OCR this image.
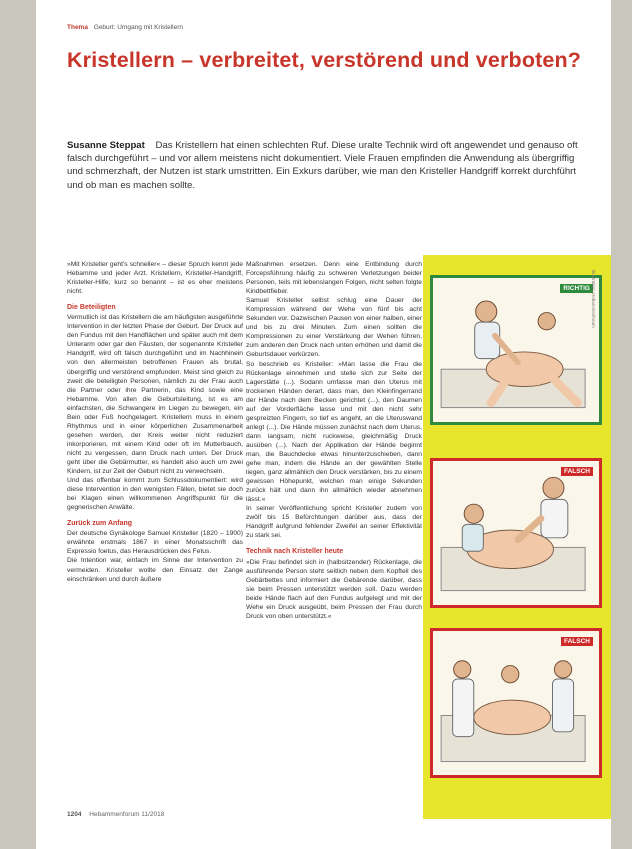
Thema Geburt: Umgang mit Kristellern
Kristellern – verbreitet, verstörend und verboten?
Susanne Steppat Das Kristellern hat einen schlechten Ruf. Diese uralte Technik wird oft angewendet und genauso oft falsch durchgeführt – und vor allem meistens nicht dokumentiert. Viele Frauen empfinden die Anwendung als übergriffig und schmerzhaft, der Nutzen ist stark umstritten. Ein Exkurs darüber, wie man den Kristeller Handgriff korrekt durchführt und ob man es machen sollte.

»Mit Kristeller geht's schneller« – dieser Spruch kennt jede Hebamme und jeder Arzt. Kristellern, Kristeller-Handgriff, Kristeller-Hilfe, kurz so benannt – ist es eher meistens nicht.

Die Beteiligten

Vermutlich ist das Kristellern die am häufigsten ausgeführte Intervention in der letzten Phase der Geburt. Der Druck auf den Fundus mit den Handflächen und später auch mit dem Unterarm oder gar den Fäusten, der sogenannte Kristeller Handgriff, wird oft falsch durchgeführt und im Nachhinein von den allermeisten betroffenen Frauen als brutal, übergriffig und verstörend empfunden. Meist sind gleich zu zweit die beteiligten Personen, nämlich zu der Frau auch die Partner oder ihre Partnerin, das Kind sowie eine Hebamme. Von allen die Geburtsleitung, ist es am einfachsten, die Schwangere im Liegen zu bewegen, ein Bein oder Fuß hochgelagert. Kristellern muss in einem Rhythmus und in einer körperlichen Zusammenarbeit gesehen werden, der Kreis weiter nicht reduziert inkorporieren, mit einem Kind oder oft im Mutterbauch, nicht zu vergessen, dann Druck nach unten. Der Druck geht über die Gebärmutter, es handelt also auch um zwei Kindern, ist zur Zeit der Geburt nicht zu verwechseln.

Und das offenbar kommt zum Schlussdokumentiert: wird diese Intervention in den wenigsten Fällen, bietet sie doch bei Klagen einen willkommenen Angriffspunkt für die gegnerischen Anwälte.

Zurück zum Anfang

Der deutsche Gynäkologe Samuel Kristeller (1820 – 1900) erwähnte erstmals 1867 in einer Monatsschrift das Expressio foetus, das Herausdrücken des Fetus.

Die Intention war, einfach im Sinne der Intervention zu vermeiden. Kristeller wollte den Einsatz der Zange einschränken und durch äußere

Maßnahmen ersetzen. Denn eine Entbindung durch Forcepsführung häufig zu schweren Verletzungen beider Personen, teils mit lebenslangen Folgen, nicht selten folgte Kindbettfieber.

Samuel Kristeller selbst schlug eine Dauer der Kompression während der Wehe von fünf bis acht Sekunden vor. Dazwischen Pausen von einer halben, einer und bis zu drei Minuten. Zum einen sollten die Kompressionen zu einer Verstärkung der Wehen führen, zum anderen den Druck nach unten erhöhen und damit die Geburtsdauer verkürzen.

So beschrieb es Kristeller: »Man lasse die Frau die Rückenlage einnehmen und stelle sich zur Seite der Lagerstätte (...). Sodann umfasse man den Uterus mit trockenen Händen derart, dass man, den Kleinfingerrand der Hände nach dem Becken gerichtet (...), den Daumen auf der Vorderfläche lasse und mit den nicht sehr gespreizten Fingern, so tief es angeht, an die Uteruswand anlegt (...). Die Hände müssen zunächst nach dem Uterus, dann langsam, nicht ruckweise, gleichmäßig Druck ausüben (...). Nach der Applikation der Hände beginnt man, die Bauchdecke etwas hinunterzuschieben, dann gehe man, indem die Hände an der gewählten Stelle liegen, ganz allmählich den Druck verstärken, bis zu einem gewissen Höhepunkt, welchen man einige Sekunden zurück hält und dann ihn allmählich wieder abnehmen lässt.«

In seiner Veröffentlichung spricht Kristeller zudem von zwölf bis 15 Befürchtungen darüber aus, dass der Handgriff aufgrund fehlender Zweifel an seiner Effektivität zu stark sei.

Technik nach Kristeller heute

»Die Frau befindet sich in (halbsitzender) Rückenlage, die ausführende Person steht seitlich neben dem Kopfteil des Gebärbettes und informiert die Gebärende darüber, dass sie beim Pressen unterstützt werden soll. Dazu werden beide Hände flach auf den Fundus aufgelegt und mit der Wehe ein Druck ausgeübt, beim Pressen der Frau durch Druck von oben unterstützt.«

RICHTIG
FALSCH
FALSCH
Illustration: Hebammenforum
1204 Hebammenforum 11/2018
